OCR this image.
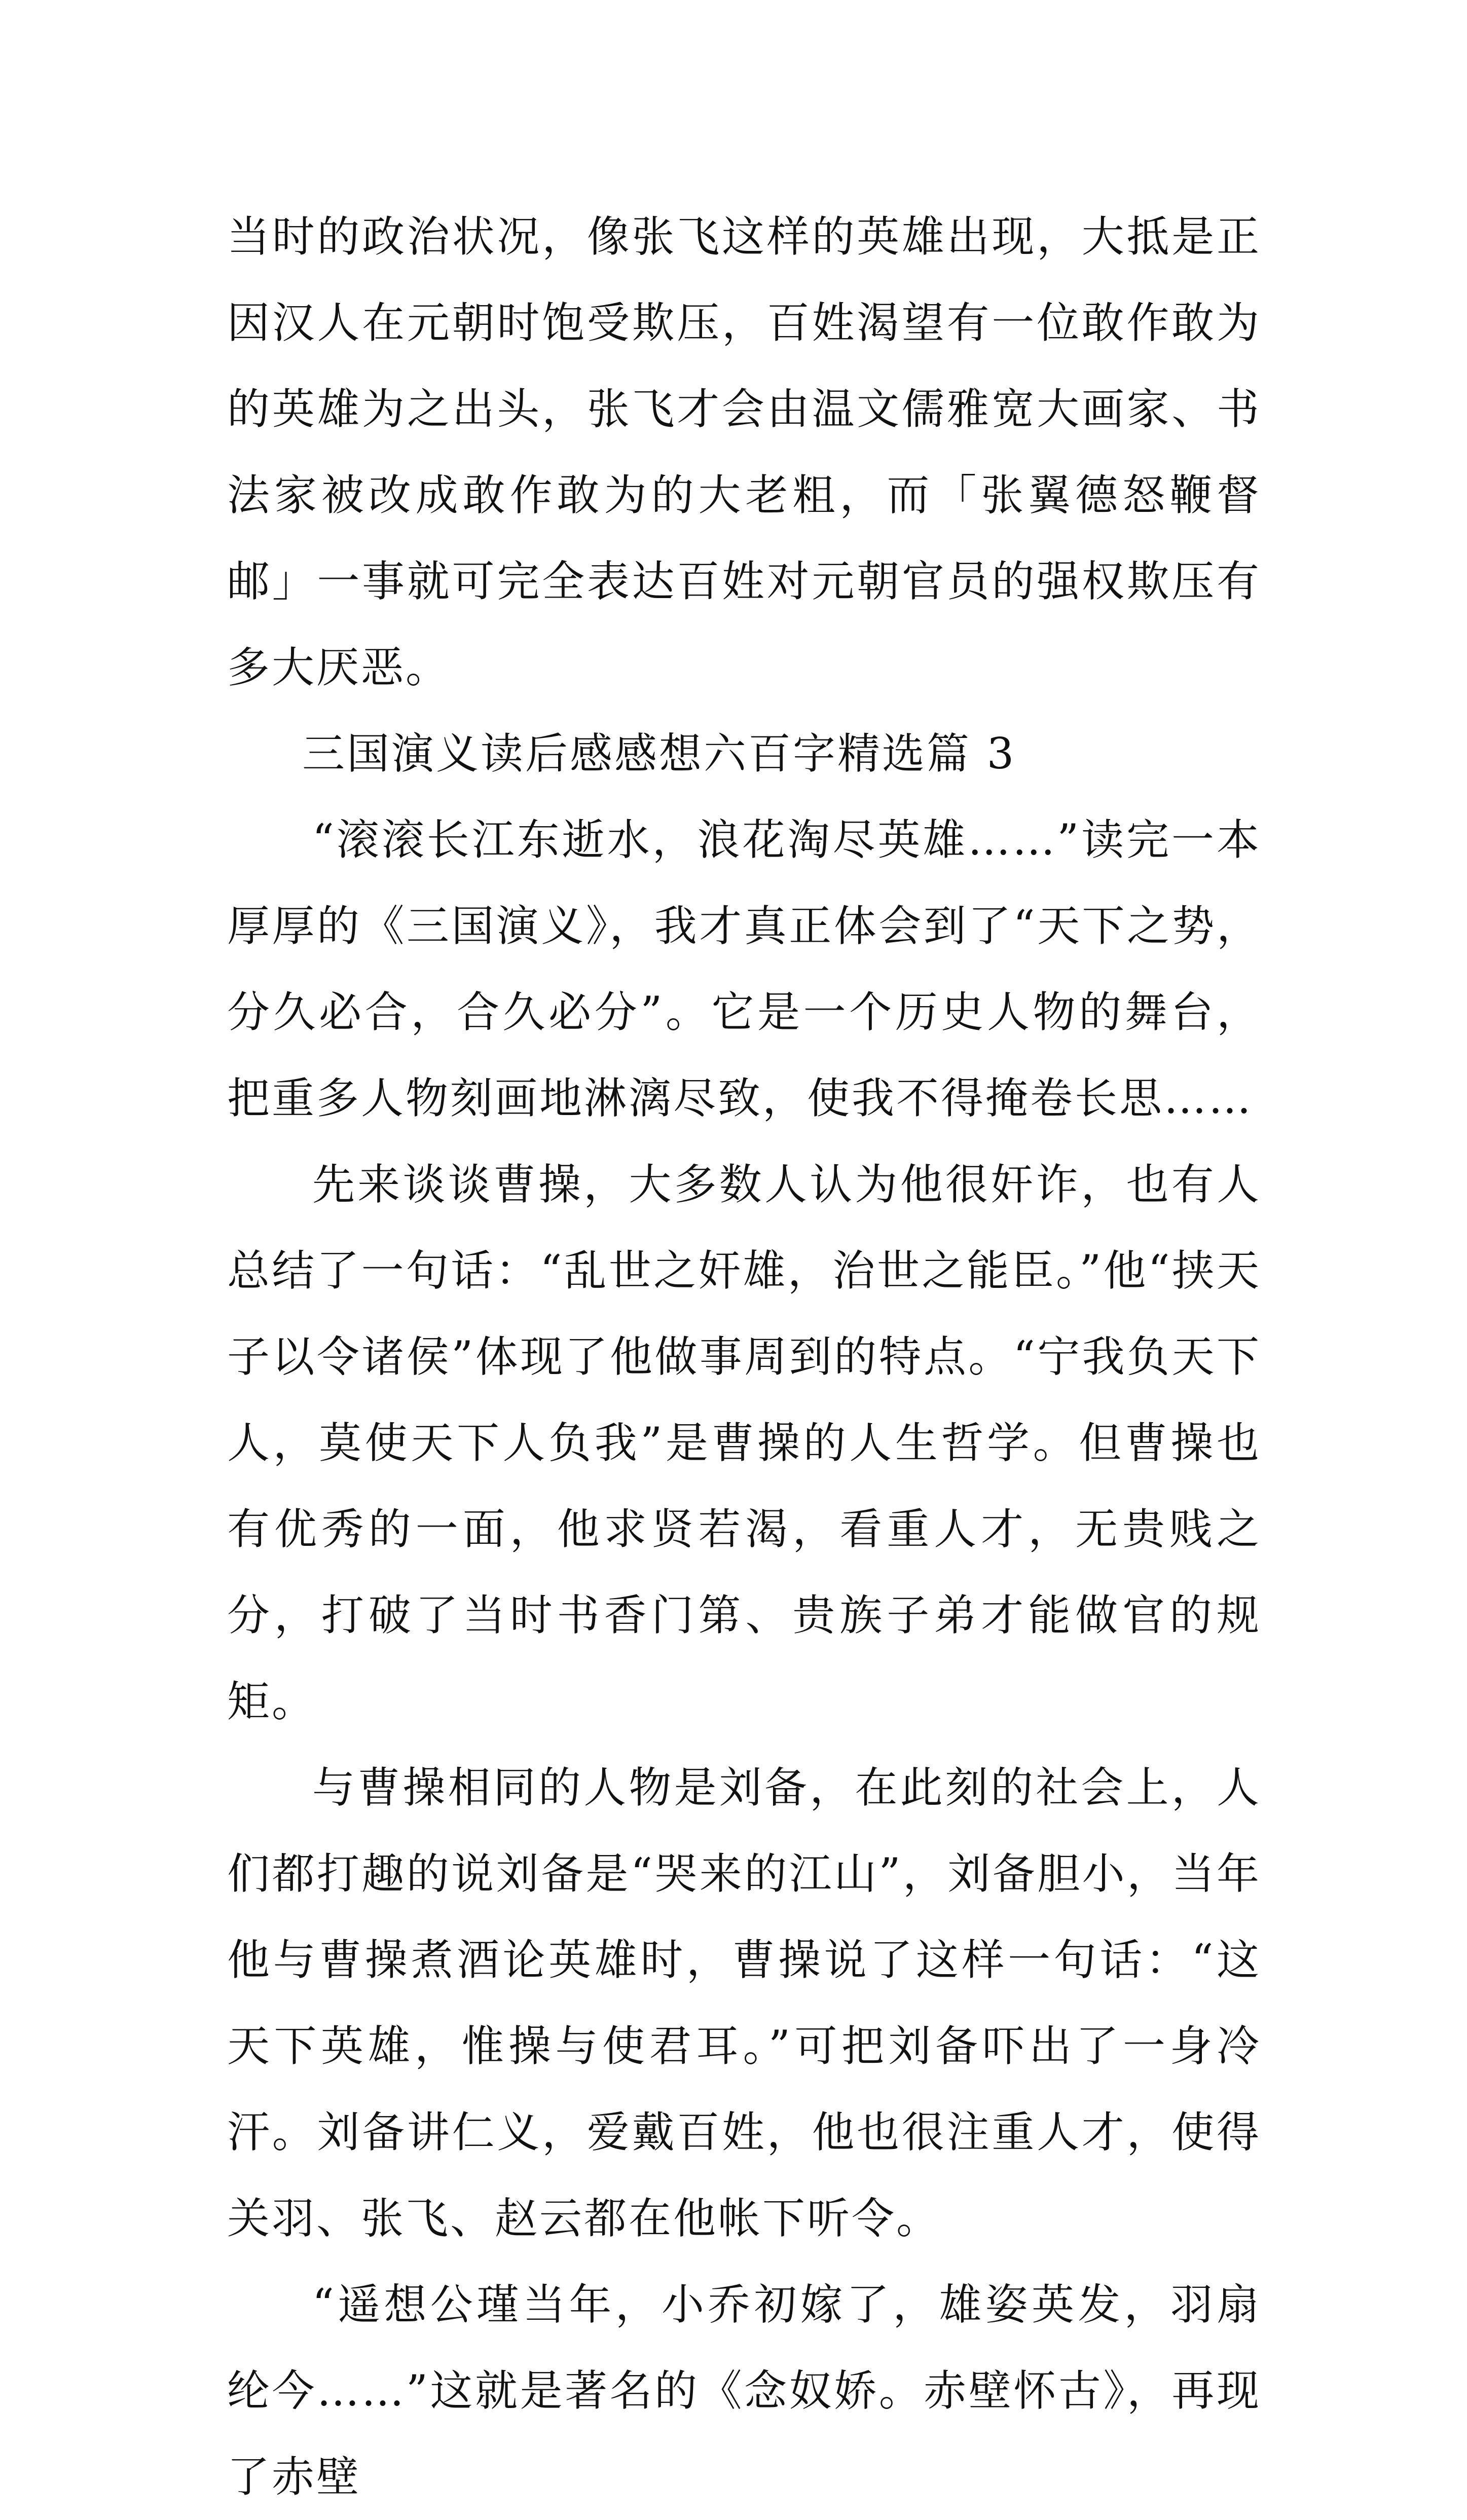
当时的政治状况，像张飞这样的英雄出现，大抵是正因汉人在元朝时饱受欺压，百姓渴望有一位敢作敢为的英雄为之出头，张飞才会由温文儒雅宽大画家、书法家被改成敢作敢为的大老粗，而「张翼德怒鞭督邮」一事就可完全表达百姓对元朝官员的强权欺压有多大厌恶。

三国演义读后感感想六百字精选篇 3

“滚滚长江东逝水，浪花淘尽英雄……”读完一本厚厚的《三国演义》，我才真正体会到了“天下之势，分久必合，合久必分”。它是一个历史人物的舞台，把重多人物刻画地淋漓尽致，使我不得掩卷长思……

先来谈谈曹操，大多数人认为他很奸诈，也有人总结了一句话：“乱世之奸雄，治世之能臣。”他“挟天子以令诸侯”体现了他做事周到的特点。“宁我负天下人，莫使天下人负我”是曹操的人生哲学。但曹操也有优秀的一面，他求贤若渴，看重人才，无贵贱之分，打破了当时书香门第、贵族子弟才能做官的规矩。

与曹操相同的人物是刘备，在此刻的社会上，人们都打趣的说刘备是“哭来的江山”，刘备胆小，当年他与曹操煮酒论英雄时，曹操说了这样一句话：“这天下英雄，惟操与使君耳。”可把刘备吓出了一身冷汗。刘备讲仁义，爱戴百姓，他也很注重人才，使得关羽、张飞、赵云都在他帐下听令。

“遥想公瑾当年，小乔初嫁了，雄姿英发，羽扇纶今……”这就是著名的《念奴娇。赤壁怀古》，再现了赤壁
